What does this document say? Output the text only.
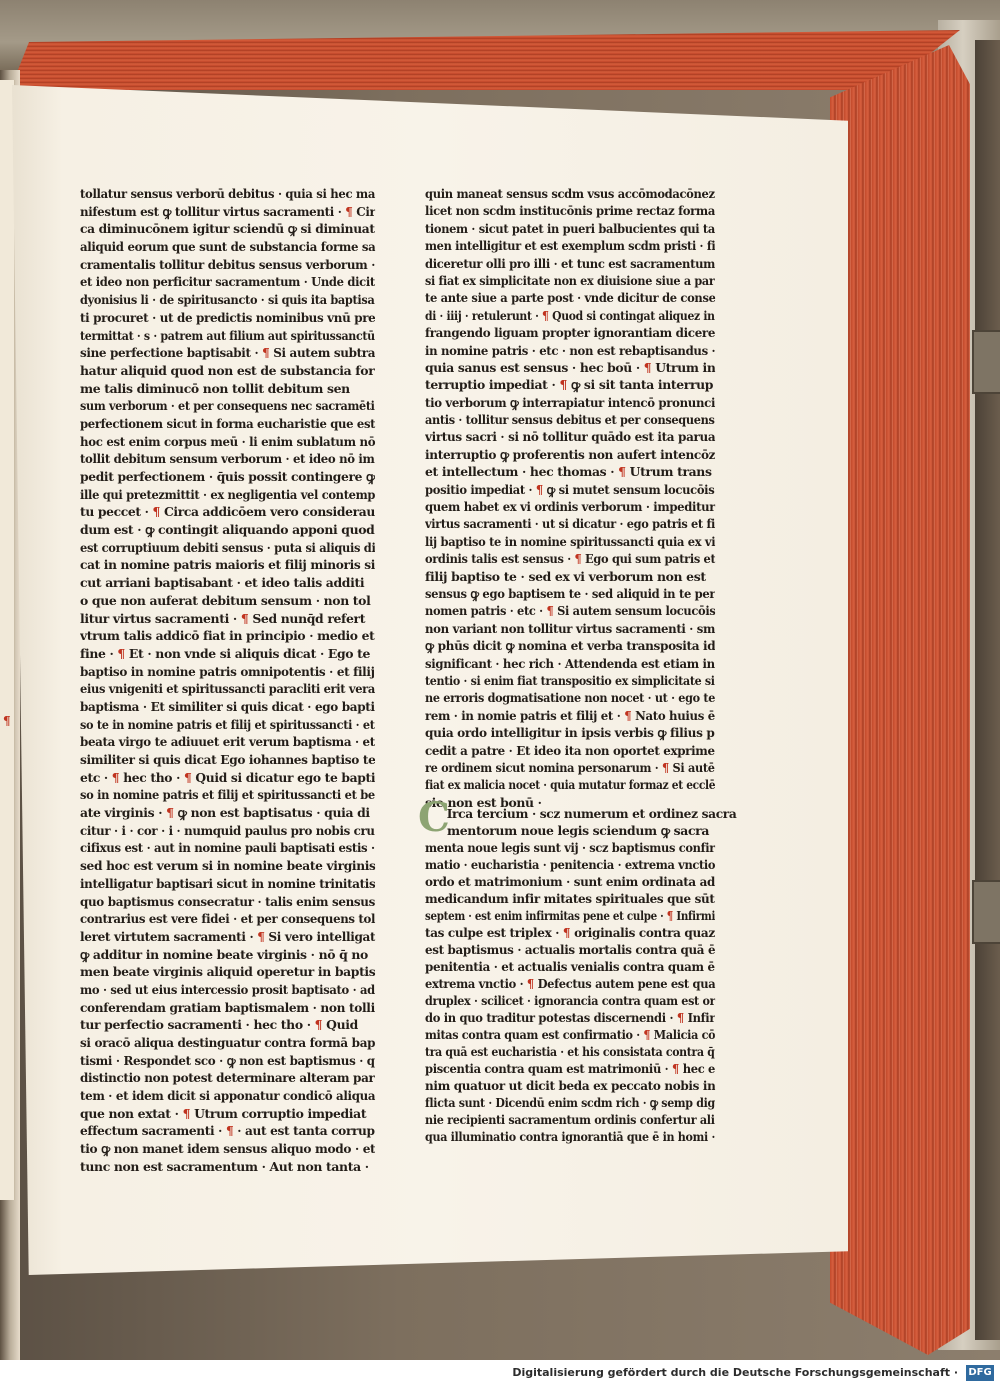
¶
tollatur sensus verborū debitus · quia si hec ma
nifestum est ꝙ tollitur virtus sacramenti · ¶ Cir
ca diminucōnem igitur sciendū ꝙ si diminuat
aliquid eorum que sunt de substancia forme sa
cramentalis tollitur debitus sensus verborum ·
et ideo non perficitur sacramentum · Unde dicit
dyonisius li · de spiritusancto · si quis ita baptisa
ti procuret · ut de predictis nominibus vnū pre
termittat · s · patrem aut filium aut spiritussanctū
sine perfectione baptisabit · ¶ Si autem subtra
hatur aliquid quod non est de substancia for
me talis diminucō non tollit debitum sen
sum verborum · et per consequens nec sacramēti
perfectionem sicut in forma eucharistie que est
hoc est enim corpus meū · li enim sublatum nō
tollit debitum sensum verborum · et ideo nō im
pedit perfectionem · q̄uis possit contingere ꝙ
ille qui pretezmittit · ex negligentia vel contemp
tu peccet · ¶ Circa addicōem vero considerau
dum est · ꝙ contingit aliquando apponi quod
est corruptiuum debiti sensus · puta si aliquis di
cat in nomine patris maioris et filij minoris si
cut arriani baptisabant · et ideo talis additi
o que non auferat debitum sensum · non tol
litur virtus sacramenti · ¶ Sed nunq̄d refert
vtrum talis addicō fiat in principio · medio et
fine · ¶ Et · non vnde si aliquis dicat · Ego te
baptiso in nomine patris omnipotentis · et filij
eius vnigeniti et spiritussancti paracliti erit vera
baptisma · Et similiter si quis dicat · ego bapti
so te in nomine patris et filij et spiritussancti · et
beata virgo te adiuuet erit verum baptisma · et
similiter si quis dicat Ego iohannes baptiso te
etc · ¶ hec tho · ¶ Quid si dicatur ego te bapti
so in nomine patris et filij et spiritussancti et be
ate virginis · ¶ ꝙ non est baptisatus · quia di
citur · i · cor · i · numquid paulus pro nobis cru
cifixus est · aut in nomine pauli baptisati estis ·
sed hoc est verum si in nomine beate virginis
intelligatur baptisari sicut in nomine trinitatis
quo baptismus consecratur · talis enim sensus
contrarius est vere fidei · et per consequens tol
leret virtutem sacramenti · ¶ Si vero intelligat
ꝙ additur in nomine beate virginis · nō q̄ no
men beate virginis aliquid operetur in baptis
mo · sed ut eius intercessio prosit baptisato · ad
conferendam gratiam baptismalem · non tolli
tur perfectio sacramenti · hec tho · ¶ Quid
si oracō aliqua destinguatur contra formā bap
tismi · Respondet sco · ꝙ non est baptismus · q
distinctio non potest determinare alteram par
tem · et idem dicit si apponatur condicō aliqua
que non extat · ¶ Utrum corruptio impediat
effectum sacramenti · ¶ · aut est tanta corrup
tio ꝙ non manet idem sensus aliquo modo · et
tunc non est sacramentum · Aut non tanta ·
quin maneat sensus scdm vsus accōmodacōnez
licet non scdm institucōnis prime rectaz forma
tionem · sicut patet in pueri balbucientes qui ta
men intelligitur et est exemplum scdm pristi · fi
diceretur olli pro illi · et tunc est sacramentum
si fiat ex simplicitate non ex diuisione siue a par
te ante siue a parte post · vnde dicitur de conse
di · iiij · retulerunt · ¶ Quod si contingat aliquez in
frangendo liguam propter ignorantiam dicere
in nomine patris · etc · non est rebaptisandus ·
quia sanus est sensus · hec boū · ¶ Utrum in
terruptio impediat · ¶ ꝙ si sit tanta interrup
tio verborum ꝙ interrapiatur intencō pronunci
antis · tollitur sensus debitus et per consequens
virtus sacri · si nō tollitur quādo est ita parua
interruptio ꝙ proferentis non aufert intencōz
et intellectum · hec thomas · ¶ Utrum trans
positio impediat · ¶ ꝙ si mutet sensum locucōis
quem habet ex vi ordinis verborum · impeditur
virtus sacramenti · ut si dicatur · ego patris et fi
lij baptiso te in nomine spiritussancti quia ex vi
ordinis talis est sensus · ¶ Ego qui sum patris et
filij baptiso te · sed ex vi verborum non est
sensus ꝙ ego baptisem te · sed aliquid in te per
nomen patris · etc · ¶ Si autem sensum locucōis
non variant non tollitur virtus sacramenti · sm
ꝙ phūs dicit ꝙ nomina et verba transposita id
significant · hec rich · Attendenda est etiam in
tentio · si enim fiat transpositio ex simplicitate si
ne erroris dogmatisatione non nocet · ut · ego te
rem · in nomie patris et filij et · ¶ Nato huius ē
quia ordo intelligitur in ipsis verbis ꝙ filius p
cedit a patre · Et ideo ita non oportet exprime
re ordinem sicut nomina personarum · ¶ Si autē
fiat ex malicia nocet · quia mutatur formaz et ecclē
sie non est bonū ·
Irca tercium · scz numerum et ordinez sacra
mentorum noue legis sciendum ꝙ sacra
menta noue legis sunt vij · scz baptismus confir
matio · eucharistia · penitencia · extrema vnctio
ordo et matrimonium · sunt enim ordinata ad
medicandum infir mitates spirituales que sūt
septem · est enim infirmitas pene et culpe · ¶ Infirmi
tas culpe est triplex · ¶ originalis contra quaz
est baptismus · actualis mortalis contra quā ē
penitentia · et actualis venialis contra quam ē
extrema vnctio · ¶ Defectus autem pene est qua
druplex · scilicet · ignorancia contra quam est or
do in quo traditur potestas discernendi · ¶ Infir
mitas contra quam est confirmatio · ¶ Malicia cō
tra quā est eucharistia · et his consistata contra q̄
piscentia contra quam est matrimoniū · ¶ hec e
nim quatuor ut dicit beda ex peccato nobis in
flicta sunt · Dicendū enim scdm rich · ꝙ semp dig
nie recipienti sacramentum ordinis confertur ali
qua illuminatio contra ignorantiā que ē in homi ·
C
Digitalisierung gefördert durch die Deutsche Forschungsgemeinschaft · DFG
